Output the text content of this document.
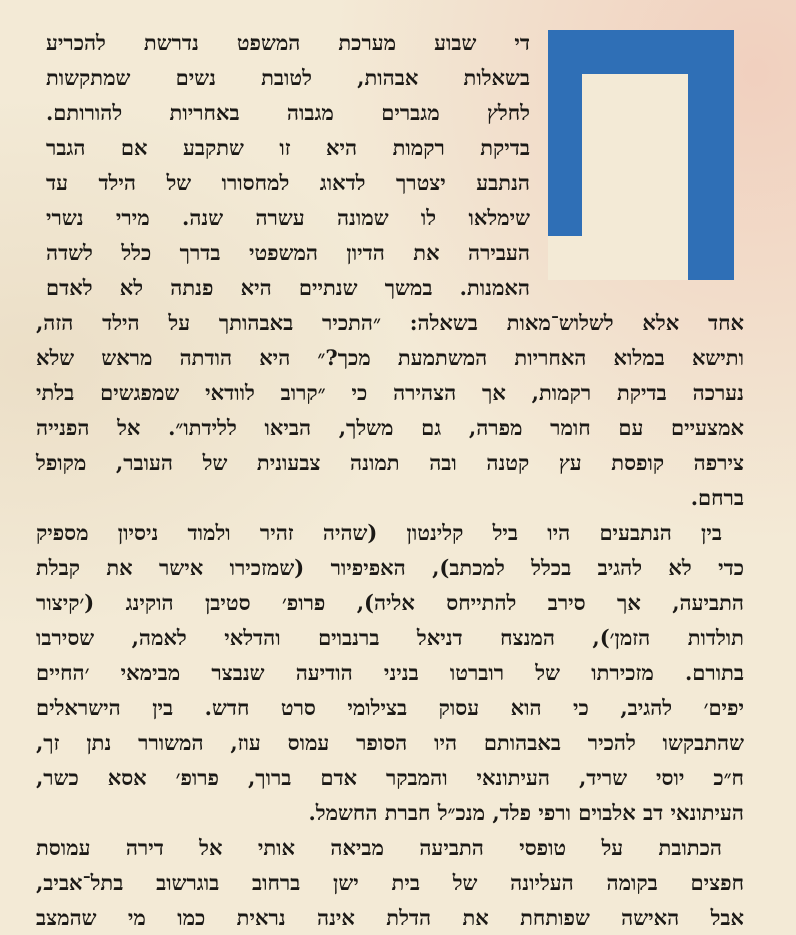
די שבוע מערכת המשפט נדרשת להכריע
בשאלות אבהות, לטובת נשים שמתקשות
לחלץ מגברים מגבוה באחריות להורותם.
בדיקת רקמות היא זו שתקבע אם הגבר
הנתבע יצטרך לדאוג למחסורו של הילד עד
שימלאו לו שמונה עשרה שנה. מירי נשרי
העבירה את הדיון המשפטי בדרך כלל לשדה
האמנות. במשך שנתיים היא פנתה לא לאדם
אחד אלא לשלוש־מאות בשאלה: ״התכיר באבהותך על הילד הזה,
ותישא במלוא האחריות המשתמעת מכך?״ היא הודתה מראש שלא
נערכה בדיקת רקמות, אך הצהירה כי ״קרוב לוודאי שמפגשים בלתי
אמצעיים עם חומר מפרה, גם משלך, הביאו ללידתו״. אל הפנייה
צירפה קופסת עץ קטנה ובה תמונה צבעונית של העובר, מקופל
ברחם.
בין הנתבעים היו ביל קלינטון (שהיה זהיר ולמוד ניסיון מספיק
כדי לא להגיב בכלל למכתב), האפיפיור (שמזכירו אישר את קבלת
התביעה, אך סירב להתייחס אליה), פרופ׳ סטיבן הוקינג (׳קיצור
תולדות הזמן׳), המנצח דניאל ברנבוים והדלאי לאמה, שסירבו
בתורם. מזכירתו של רוברטו בניני הודיעה שנבצר מבימאי ׳החיים
יפים׳ להגיב, כי הוא עסוק בצילומי סרט חדש. בין הישראלים
שהתבקשו להכיר באבהותם היו הסופר עמוס עוז, המשורר נתן זך,
ח״כ יוסי שריד, העיתונאי והמבקר אדם ברוך, פרופ׳ אסא כשר,
העיתונאי דב אלבוים ורפי פלד, מנכ״ל חברת החשמל.
הכתובת על טופסי התביעה מביאה אותי אל דירה עמוסת
חפצים בקומה העליונה של בית ישן ברחוב בוגרשוב בתל־אביב,
אבל האישה שפותחת את הדלת אינה נראית כמו מי שהמצב
